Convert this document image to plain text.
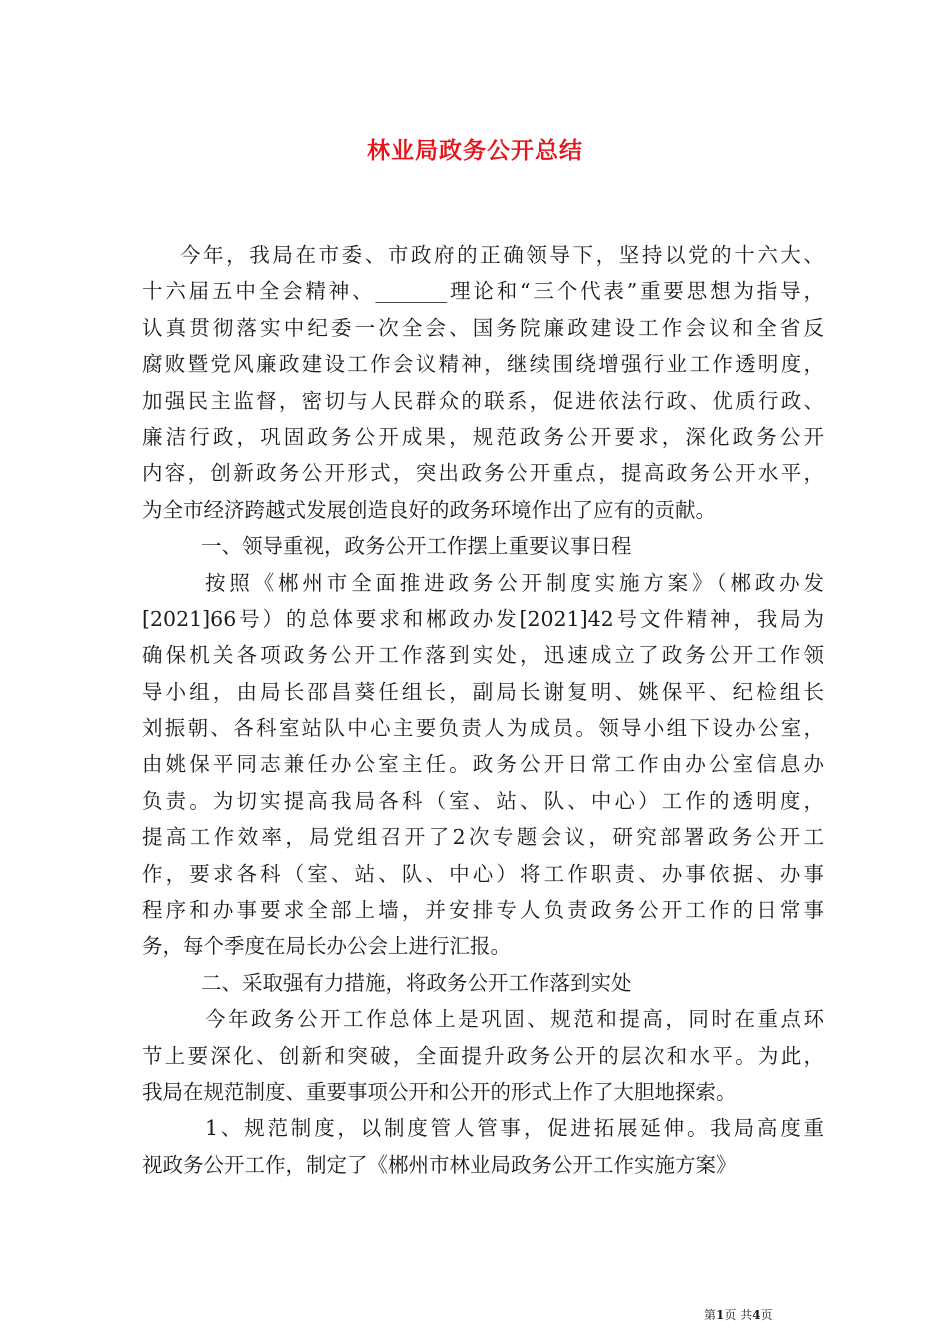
林业局政务公开总结
今年，我局在市委、市政府的正确领导下，坚持以党的十六大、
十六届五中全会精神、_______理论和“三个代表”重要思想为指导，
认真贯彻落实中纪委一次全会、国务院廉政建设工作会议和全省反
腐败暨党风廉政建设工作会议精神，继续围绕增强行业工作透明度，
加强民主监督，密切与人民群众的联系，促进依法行政、优质行政、
廉洁行政，巩固政务公开成果，规范政务公开要求，深化政务公开
内容，创新政务公开形式，突出政务公开重点，提高政务公开水平，
为全市经济跨越式发展创造良好的政务环境作出了应有的贡献。
一、领导重视，政务公开工作摆上重要议事日程
按照《郴州市全面推进政务公开制度实施方案》（郴政办发
[2021]66号）的总体要求和郴政办发[2021]42号文件精神，我局为
确保机关各项政务公开工作落到实处，迅速成立了政务公开工作领
导小组，由局长邵昌葵任组长，副局长谢复明、姚保平、纪检组长
刘振朝、各科室站队中心主要负责人为成员。领导小组下设办公室，
由姚保平同志兼任办公室主任。政务公开日常工作由办公室信息办
负责。为切实提高我局各科（室、站、队、中心）工作的透明度，
提高工作效率，局党组召开了2次专题会议，研究部署政务公开工
作，要求各科（室、站、队、中心）将工作职责、办事依据、办事
程序和办事要求全部上墙，并安排专人负责政务公开工作的日常事
务，每个季度在局长办公会上进行汇报。
二、采取强有力措施，将政务公开工作落到实处
今年政务公开工作总体上是巩固、规范和提高，同时在重点环
节上要深化、创新和突破，全面提升政务公开的层次和水平。为此，
我局在规范制度、重要事项公开和公开的形式上作了大胆地探索。
1、规范制度，以制度管人管事，促进拓展延伸。我局高度重
视政务公开工作，制定了《郴州市林业局政务公开工作实施方案》
第1页 共4页
